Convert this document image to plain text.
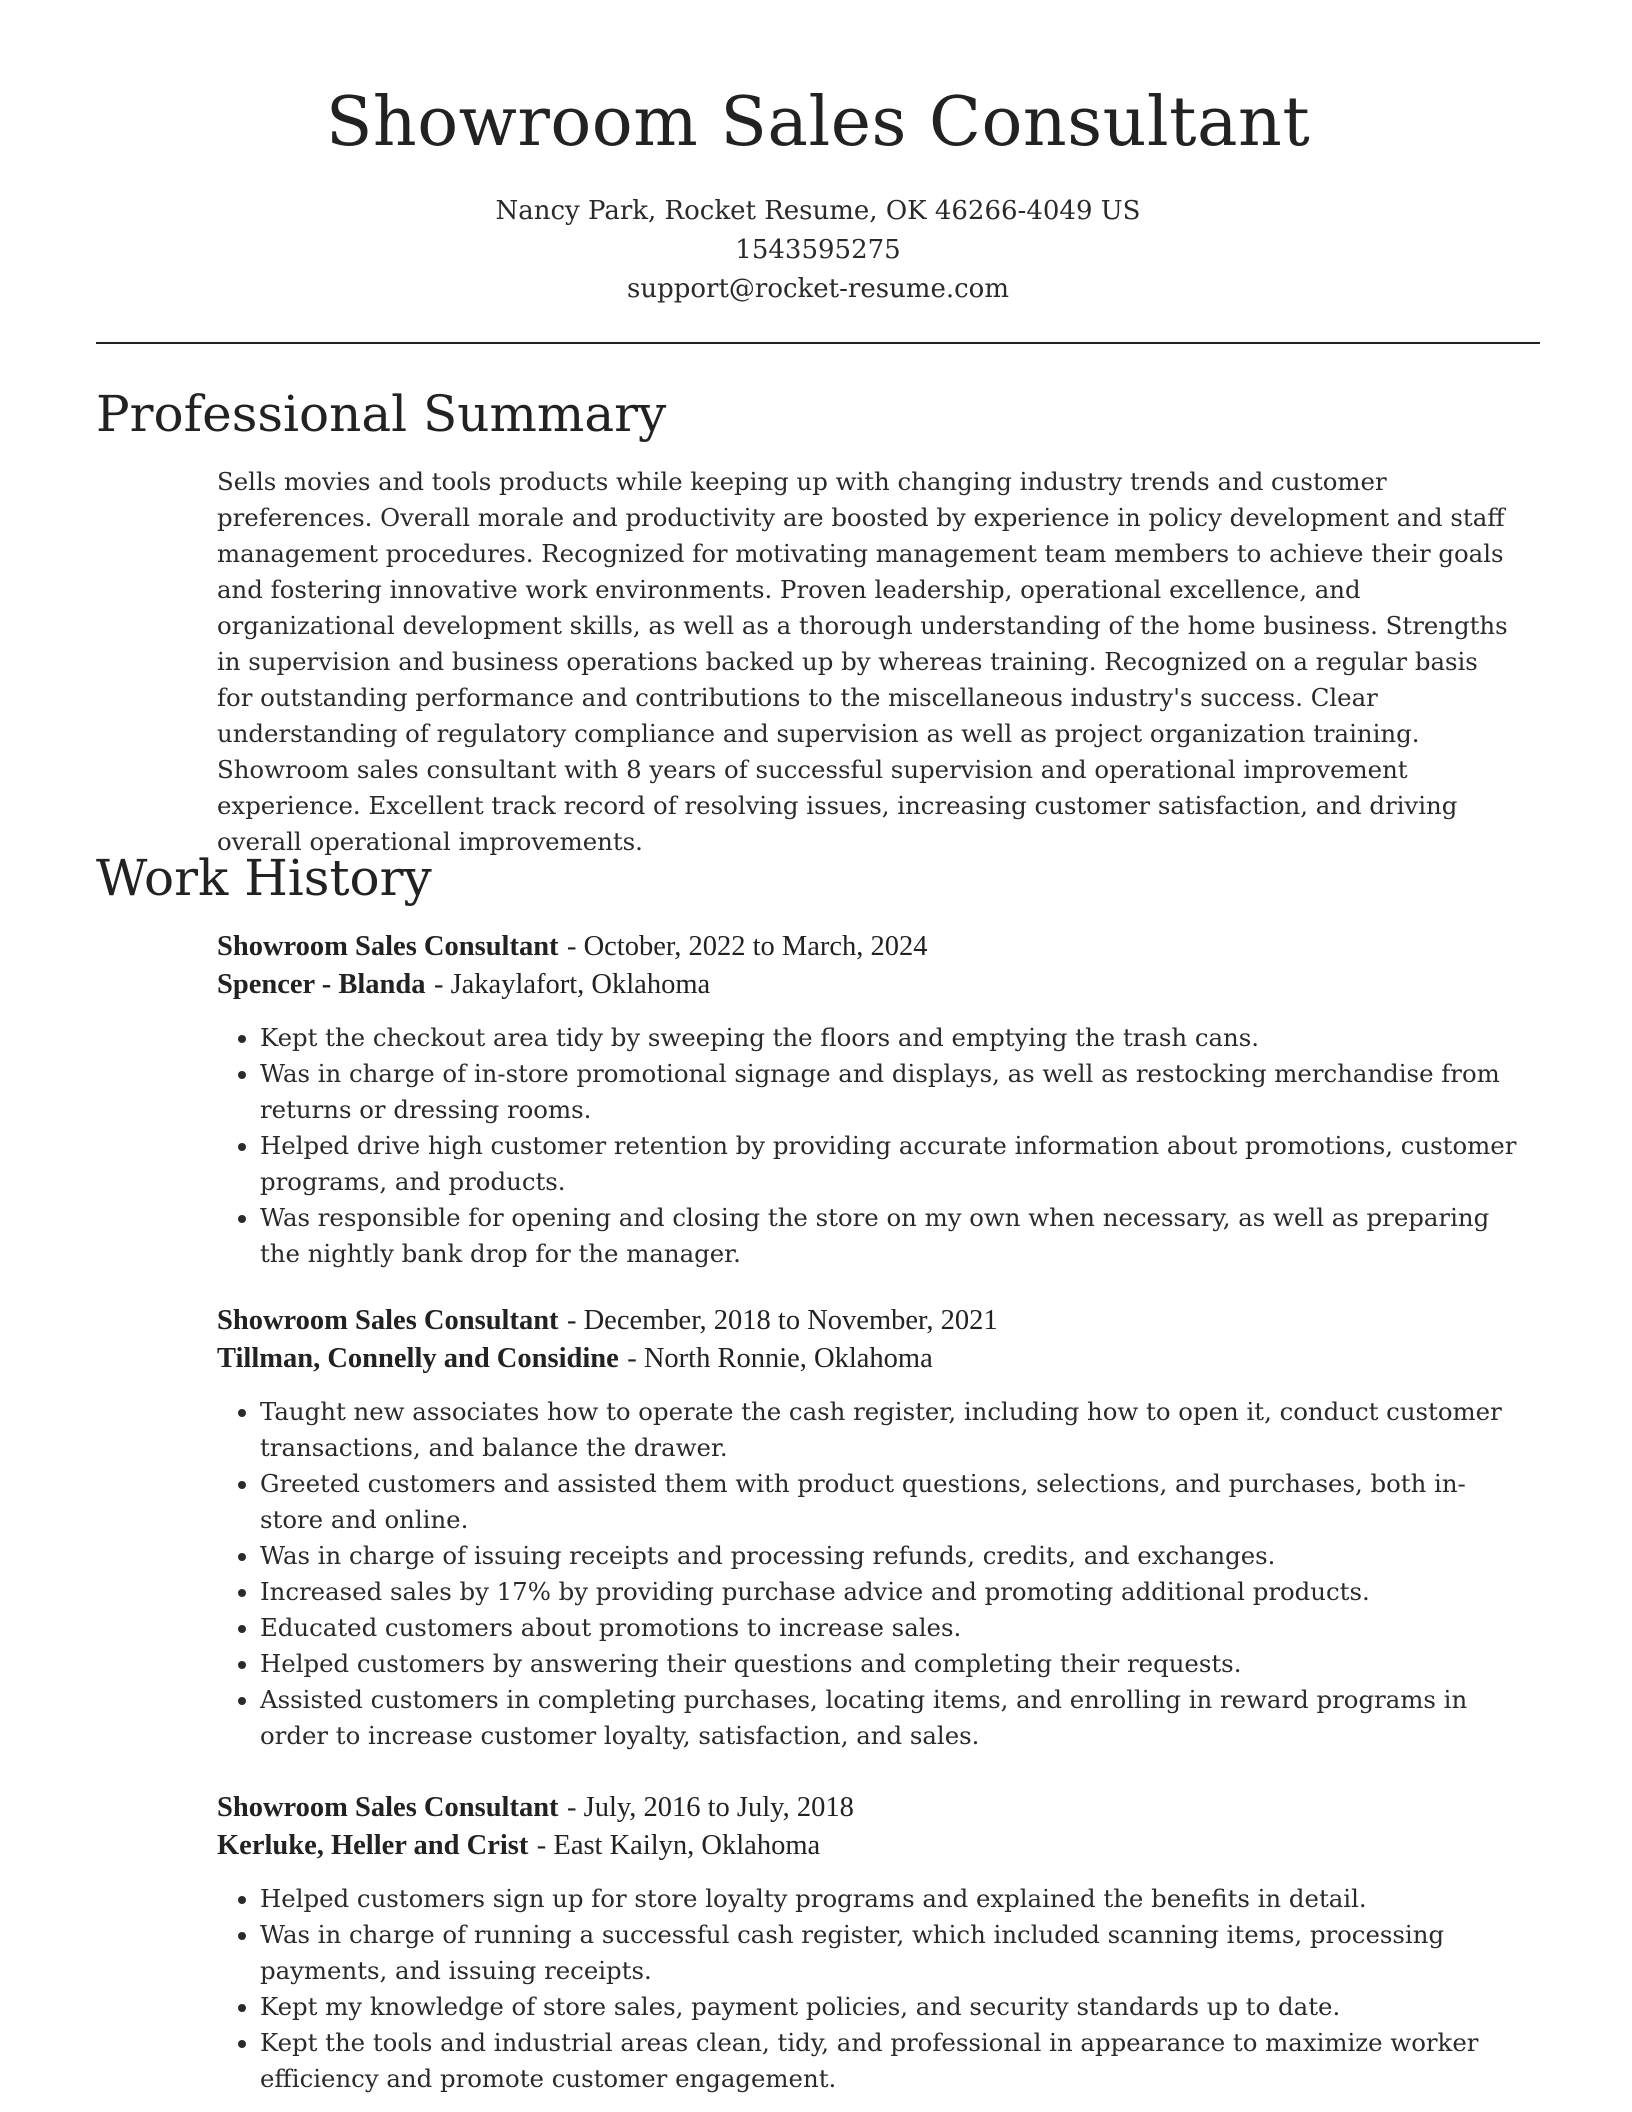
Showroom Sales Consultant
Nancy Park, Rocket Resume, OK 46266-4049 US
1543595275
support@rocket-resume.com
Professional Summary

Sells movies and tools products while keeping up with changing industry trends and customer preferences. Overall morale and productivity are boosted by experience in policy development and staff management procedures. Recognized for motivating management team members to achieve their goals and fostering innovative work environments. Proven leadership, operational excellence, and organizational development skills, as well as a thorough understanding of the home business. Strengths in supervision and business operations backed up by whereas training. Recognized on a regular basis for outstanding performance and contributions to the miscellaneous industry's success. Clear understanding of regulatory compliance and supervision as well as project organization training. Showroom sales consultant with 8 years of successful supervision and operational improvement experience. Excellent track record of resolving issues, increasing customer satisfaction, and driving overall operational improvements.

Work History

Showroom Sales Consultant - October, 2022 to March, 2024

Spencer - Blanda - Jakaylafort, Oklahoma

• Kept the checkout area tidy by sweeping the floors and emptying the trash cans.
• Was in charge of in-store promotional signage and displays, as well as restocking merchandise from returns or dressing rooms.
• Helped drive high customer retention by providing accurate information about promotions, customer programs, and products.
• Was responsible for opening and closing the store on my own when necessary, as well as preparing the nightly bank drop for the manager.

Showroom Sales Consultant - December, 2018 to November, 2021

Tillman, Connelly and Considine - North Ronnie, Oklahoma

• Taught new associates how to operate the cash register, including how to open it, conduct customer transactions, and balance the drawer.
• Greeted customers and assisted them with product questions, selections, and purchases, both in-store and online.
• Was in charge of issuing receipts and processing refunds, credits, and exchanges.
• Increased sales by 17% by providing purchase advice and promoting additional products.
• Educated customers about promotions to increase sales.
• Helped customers by answering their questions and completing their requests.
• Assisted customers in completing purchases, locating items, and enrolling in reward programs in order to increase customer loyalty, satisfaction, and sales.

Showroom Sales Consultant - July, 2016 to July, 2018

Kerluke, Heller and Crist - East Kailyn, Oklahoma

• Helped customers sign up for store loyalty programs and explained the benefits in detail.
• Was in charge of running a successful cash register, which included scanning items, processing payments, and issuing receipts.
• Kept my knowledge of store sales, payment policies, and security standards up to date.
• Kept the tools and industrial areas clean, tidy, and professional in appearance to maximize worker efficiency and promote customer engagement.
